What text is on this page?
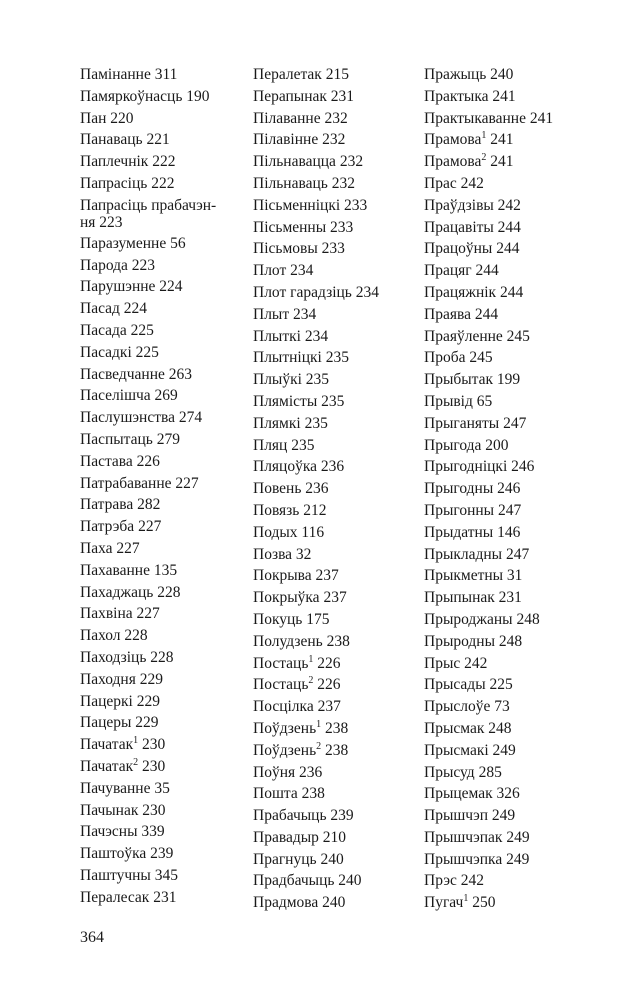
Памінанне 311
Памяркоўнасць 190
Пан 220
Панаваць 221
Паплечнік 222
Папрасіць 222
Папрасіць прабачэн-ня 223
Паразуменне 56
Парода 223
Парушэнне 224
Пасад 224
Пасада 225
Пасадкі 225
Пасведчанне 263
Паселішча 269
Паслушэнства 274
Паспытаць 279
Пастава 226
Патрабаванне 227
Патрава 282
Патрэба 227
Паха 227
Пахаванне 135
Пахаджаць 228
Пахвіна 227
Пахол 228
Паходзіць 228
Паходня 229
Пацеркі 229
Пацеры 229
Пачатак$^1$ 230
Пачатак$^2$ 230
Пачуванне 35
Пачынак 230
Пачэсны 339
Паштоўка 239
Паштучны 345
Пералесак 231
Пералетак 215
Перапынак 231
Пілаванне 232
Пілавінне 232
Пільнавацца 232
Пільнаваць 232
Пісьменніцкі 233
Пісьменны 233
Пісьмовы 233
Плот 234
Плот гарадзіць 234
Плыт 234
Плыткі 234
Плытніцкі 235
Плыўкі 235
Плямісты 235
Плямкі 235
Пляц 235
Пляцоўка 236
Повень 236
Повязь 212
Подых 116
Позва 32
Покрыва 237
Покрыўка 237
Покуць 175
Полудзень 238
Постаць$^1$ 226
Постаць$^2$ 226
Посцілка 237
Поўдзень$^1$ 238
Поўдзень$^2$ 238
Поўня 236
Пошта 238
Прабачыць 239
Правадыр 210
Прагнуць 240
Прадбачыць 240
Прадмова 240
Пражыць 240
Практыка 241
Практыкаванне 241
Прамова$^1$ 241
Прамова$^2$ 241
Прас 242
Праўдзівы 242
Працавіты 244
Працоўны 244
Працяг 244
Працяжнік 244
Праява 244
Праяўленне 245
Проба 245
Прыбытак 199
Прывід 65
Прыганяты 247
Прыгода 200
Прыгодніцкі 246
Прыгодны 246
Прыгонны 247
Прыдатны 146
Прыкладны 247
Прыкметны 31
Прыпынак 231
Прыроджаны 248
Прыродны 248
Прыс 242
Прысады 225
Прыслоўе 73
Прысмак 248
Прысмакі 249
Прысуд 285
Прыцемак 326
Прышчэп 249
Прышчэпак 249
Прышчэпка 249
Прэс 242
Пугач$^1$ 250
364
